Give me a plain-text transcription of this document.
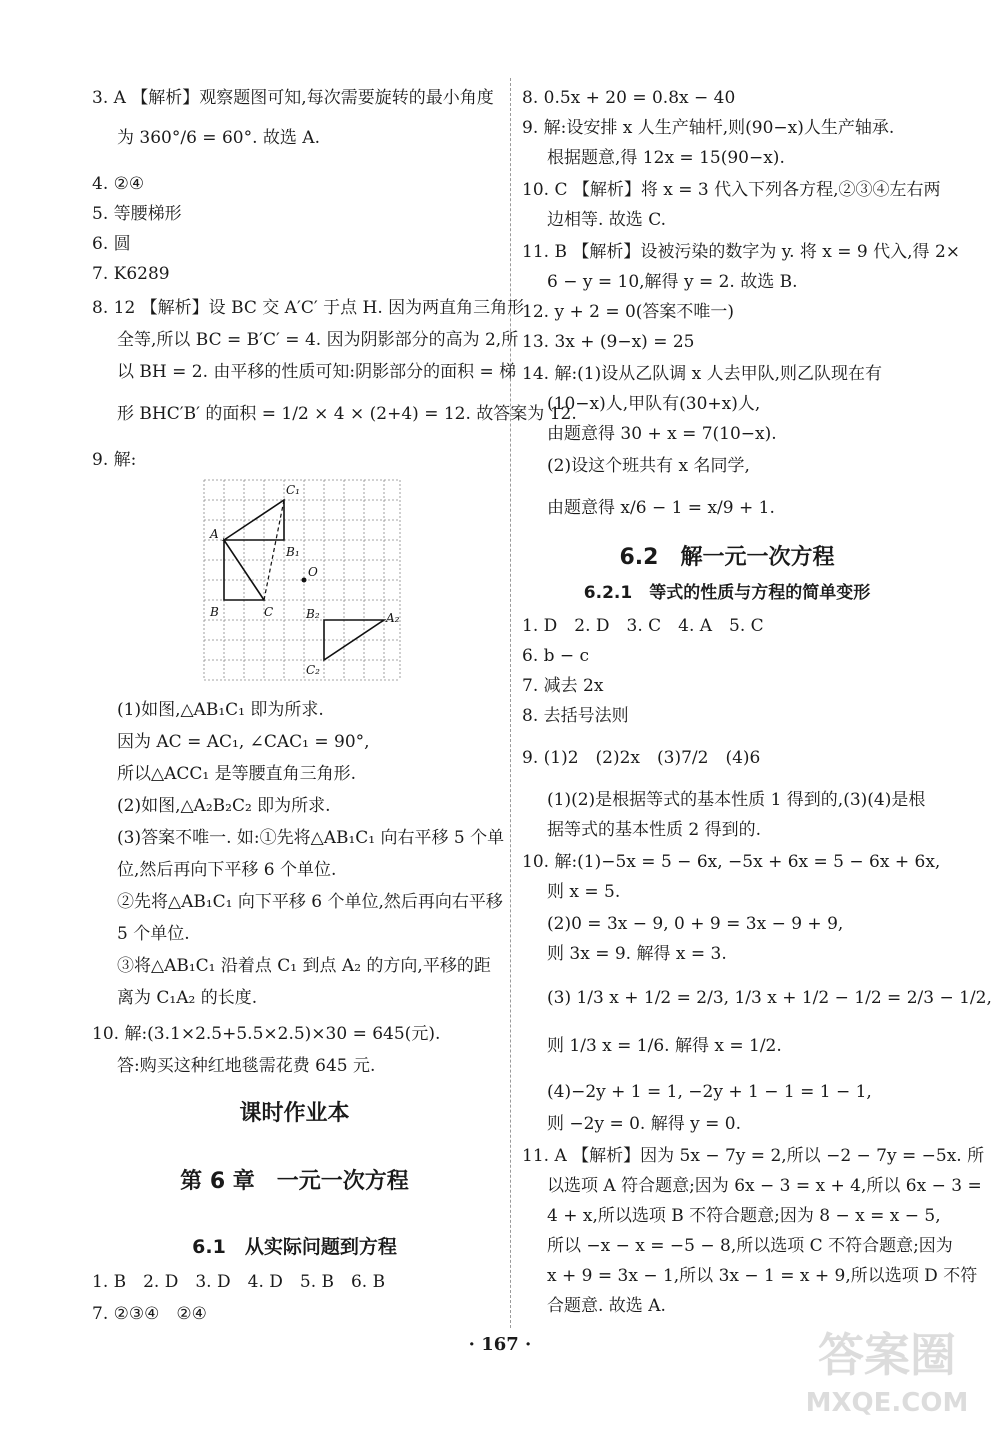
3. A 【解析】观察题图可知,每次需要旋转的最小角度
为 360°/6 = 60°. 故选 A.
4. ②④
5. 等腰梯形
6. 圆
7. K6289
8. 12 【解析】设 BC 交 A′C′ 于点 H. 因为两直角三角形
全等,所以 BC = B′C′ = 4. 因为阴影部分的高为 2,所
以 BH = 2. 由平移的性质可知:阴影部分的面积 = 梯
形 BHC′B′ 的面积 = 1/2 × 4 × (2+4) = 12. 故答案为 12.
9. 解:
(1)如图,△AB₁C₁ 即为所求.
因为 AC = AC₁, ∠CAC₁ = 90°,
所以△ACC₁ 是等腰直角三角形.
(2)如图,△A₂B₂C₂ 即为所求.
(3)答案不唯一. 如:①先将△AB₁C₁ 向右平移 5 个单
位,然后再向下平移 6 个单位.
②先将△AB₁C₁ 向下平移 6 个单位,然后再向右平移
5 个单位.
③将△AB₁C₁ 沿着点 C₁ 到点 A₂ 的方向,平移的距
离为 C₁A₂ 的长度.
10. 解:(3.1×2.5+5.5×2.5)×30 = 645(元).
答:购买这种红地毯需花费 645 元.
课时作业本
第 6 章　一元一次方程
6.1　从实际问题到方程
1. B　2. D　3. D　4. D　5. B　6. B
7. ②③④　②④
C₁
A
B₁
O
B	C	B₂	A₂
C₂
8. 0.5x + 20 = 0.8x − 40
9. 解:设安排 x 人生产轴杆,则(90−x)人生产轴承.
根据题意,得 12x = 15(90−x).
10. C 【解析】将 x = 3 代入下列各方程,②③④左右两
边相等. 故选 C.
11. B 【解析】设被污染的数字为 y. 将 x = 9 代入,得 2×
6 − y = 10,解得 y = 2. 故选 B.
12. y + 2 = 0(答案不唯一)
13. 3x + (9−x) = 25
14. 解:(1)设从乙队调 x 人去甲队,则乙队现在有
(10−x)人,甲队有(30+x)人,
由题意得 30 + x = 7(10−x).
(2)设这个班共有 x 名同学,
由题意得 x/6 − 1 = x/9 + 1.
6.2　解一元一次方程
6.2.1　等式的性质与方程的简单变形
1. D　2. D　3. C　4. A　5. C
6. b − c
7. 减去 2x
8. 去括号法则
9. (1)2　(2)2x　(3)7/2　(4)6
(1)(2)是根据等式的基本性质 1 得到的,(3)(4)是根
据等式的基本性质 2 得到的.
10. 解:(1)−5x = 5 − 6x, −5x + 6x = 5 − 6x + 6x,
则 x = 5.
(2)0 = 3x − 9, 0 + 9 = 3x − 9 + 9,
则 3x = 9. 解得 x = 3.
(3) 1/3 x + 1/2 = 2/3, 1/3 x + 1/2 − 1/2 = 2/3 − 1/2,
则 1/3 x = 1/6. 解得 x = 1/2.
(4)−2y + 1 = 1, −2y + 1 − 1 = 1 − 1,
则 −2y = 0. 解得 y = 0.
11. A 【解析】因为 5x − 7y = 2,所以 −2 − 7y = −5x. 所
以选项 A 符合题意;因为 6x − 3 = x + 4,所以 6x − 3 =
4 + x,所以选项 B 不符合题意;因为 8 − x = x − 5,
所以 −x − x = −5 − 8,所以选项 C 不符合题意;因为
x + 9 = 3x − 1,所以 3x − 1 = x + 9,所以选项 D 不符
合题意. 故选 A.
· 167 ·	答案圈
MXQE.COM
